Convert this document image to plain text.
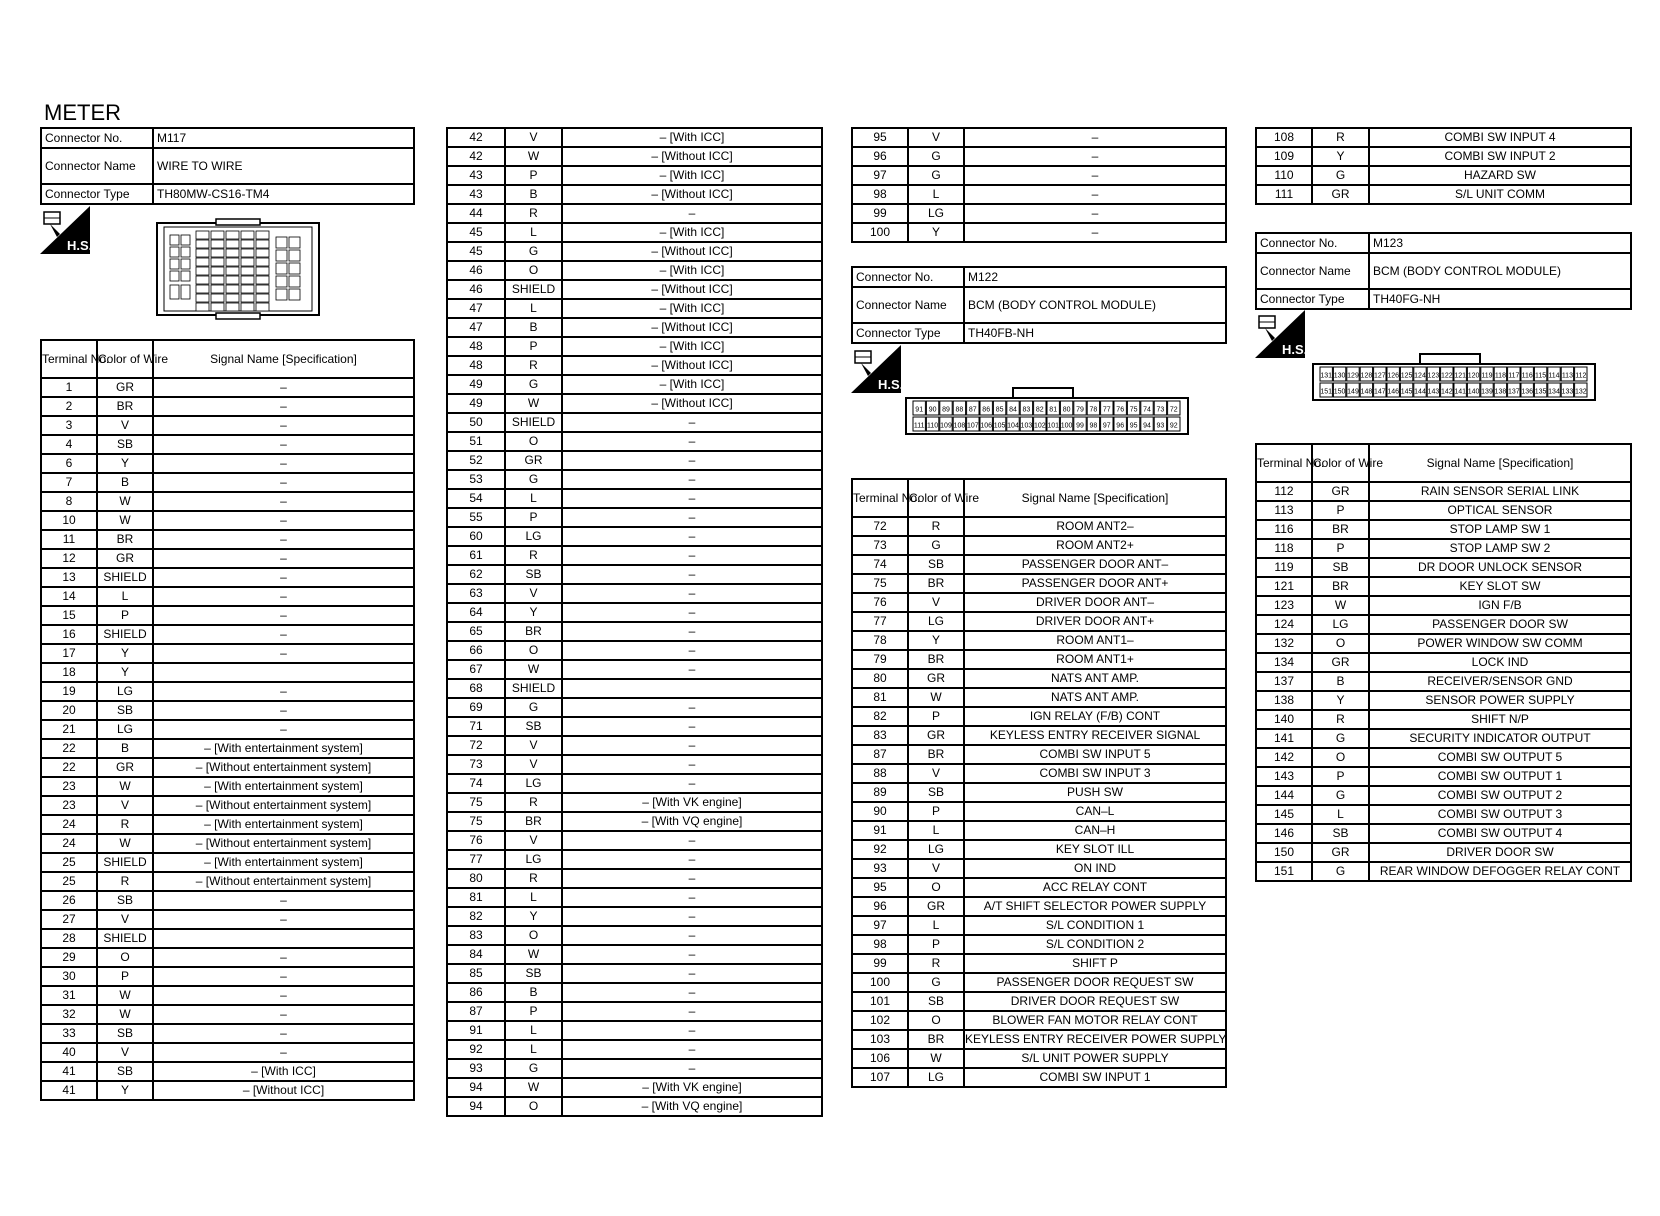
METER
Connector No.	M117
Connector Name	WIRE TO WIRE
Connector Type	TH80MW-CS16-TM4
H.S.
Terminal No.	Color of Wire	Signal Name [Specification]
1	GR	–
2	BR	–
3	V	–
4	SB	–
6	Y	–
7	B	–
8	W	–
10	W	–
11	BR	–
12	GR	–
13	SHIELD	–
14	L	–
15	P	–
16	SHIELD	–
17	Y	–
18	Y	
19	LG	–
20	SB	–
21	LG	–
22	B	– [With entertainment system]
22	GR	– [Without entertainment system]
23	W	– [With entertainment system]
23	V	– [Without entertainment system]
24	R	– [With entertainment system]
24	W	– [Without entertainment system]
25	SHIELD	– [With entertainment system]
25	R	– [Without entertainment system]
26	SB	–
27	V	–
28	SHIELD	
29	O	–
30	P	–
31	W	–
32	W	–
33	SB	–
40	V	–
41	SB	– [With ICC]
41	Y	– [Without ICC]
42	V	– [With ICC]
42	W	– [Without ICC]
43	P	– [With ICC]
43	B	– [Without ICC]
44	R	–
45	L	– [With ICC]
45	G	– [Without ICC]
46	O	– [With ICC]
46	SHIELD	– [Without ICC]
47	L	– [With ICC]
47	B	– [Without ICC]
48	P	– [With ICC]
48	R	– [Without ICC]
49	G	– [With ICC]
49	W	– [Without ICC]
50	SHIELD	–
51	O	–
52	GR	–
53	G	–
54	L	–
55	P	–
60	LG	–
61	R	–
62	SB	–
63	V	–
64	Y	–
65	BR	–
66	O	–
67	W	–
68	SHIELD	
69	G	–
71	SB	–
72	V	–
73	V	–
74	LG	–
75	R	– [With VK engine]
75	BR	– [With VQ engine]
76	V	–
77	LG	–
80	R	–
81	L	–
82	Y	–
83	O	–
84	W	–
85	SB	–
86	B	–
87	P	–
91	L	–
92	L	–
93	G	–
94	W	– [With VK engine]
94	O	– [With VQ engine]
95	V	–
96	G	–
97	G	–
98	L	–
99	LG	–
100	Y	–
Connector No.	M122
Connector Name	BCM (BODY CONTROL MODULE)
Connector Type	TH40FB-NH
H.S.
91 90 89 88 87 86 85 84 83 82 81 80 79 78 77 76 75 74 73 72
111 110 109 108 107 106 105 104 103 102 101 100 99 98 97 96 95 94 93 92
Terminal No.	Color of Wire	Signal Name [Specification]
72	R	ROOM ANT2–
73	G	ROOM ANT2+
74	SB	PASSENGER DOOR ANT–
75	BR	PASSENGER DOOR ANT+
76	V	DRIVER DOOR ANT–
77	LG	DRIVER DOOR ANT+
78	Y	ROOM ANT1–
79	BR	ROOM ANT1+
80	GR	NATS ANT AMP.
81	W	NATS ANT AMP.
82	P	IGN RELAY (F/B) CONT
83	GR	KEYLESS ENTRY RECEIVER SIGNAL
87	BR	COMBI SW INPUT 5
88	V	COMBI SW INPUT 3
89	SB	PUSH SW
90	P	CAN–L
91	L	CAN–H
92	LG	KEY SLOT ILL
93	V	ON IND
95	O	ACC RELAY CONT
96	GR	A/T SHIFT SELECTOR POWER SUPPLY
97	L	S/L CONDITION 1
98	P	S/L CONDITION 2
99	R	SHIFT P
100	G	PASSENGER DOOR REQUEST SW
101	SB	DRIVER DOOR REQUEST SW
102	O	BLOWER FAN MOTOR RELAY CONT
103	BR	KEYLESS ENTRY RECEIVER POWER SUPPLY
106	W	S/L UNIT POWER SUPPLY
107	LG	COMBI SW INPUT 1
108	R	COMBI SW INPUT 4
109	Y	COMBI SW INPUT 2
110	G	HAZARD SW
111	GR	S/L UNIT COMM
Connector No.	M123
Connector Name	BCM (BODY CONTROL MODULE)
Connector Type	TH40FG-NH
H.S.
131 130 129 128 127 126 125 124 123 122 121 120 119 118 117 116 115 114 113 112
151 150 149 148 147 146 145 144 143 142 141 140 139 138 137 136 135 134 133 132
Terminal No.	Color of Wire	Signal Name [Specification]
112	GR	RAIN SENSOR SERIAL LINK
113	P	OPTICAL SENSOR
116	BR	STOP LAMP SW 1
118	P	STOP LAMP SW 2
119	SB	DR DOOR UNLOCK SENSOR
121	BR	KEY SLOT SW
123	W	IGN F/B
124	LG	PASSENGER DOOR SW
132	O	POWER WINDOW SW COMM
134	GR	LOCK IND
137	B	RECEIVER/SENSOR GND
138	Y	SENSOR POWER SUPPLY
140	R	SHIFT N/P
141	G	SECURITY INDICATOR OUTPUT
142	O	COMBI SW OUTPUT 5
143	P	COMBI SW OUTPUT 1
144	G	COMBI SW OUTPUT 2
145	L	COMBI SW OUTPUT 3
146	SB	COMBI SW OUTPUT 4
150	GR	DRIVER DOOR SW
151	G	REAR WINDOW DEFOGGER RELAY CONT
